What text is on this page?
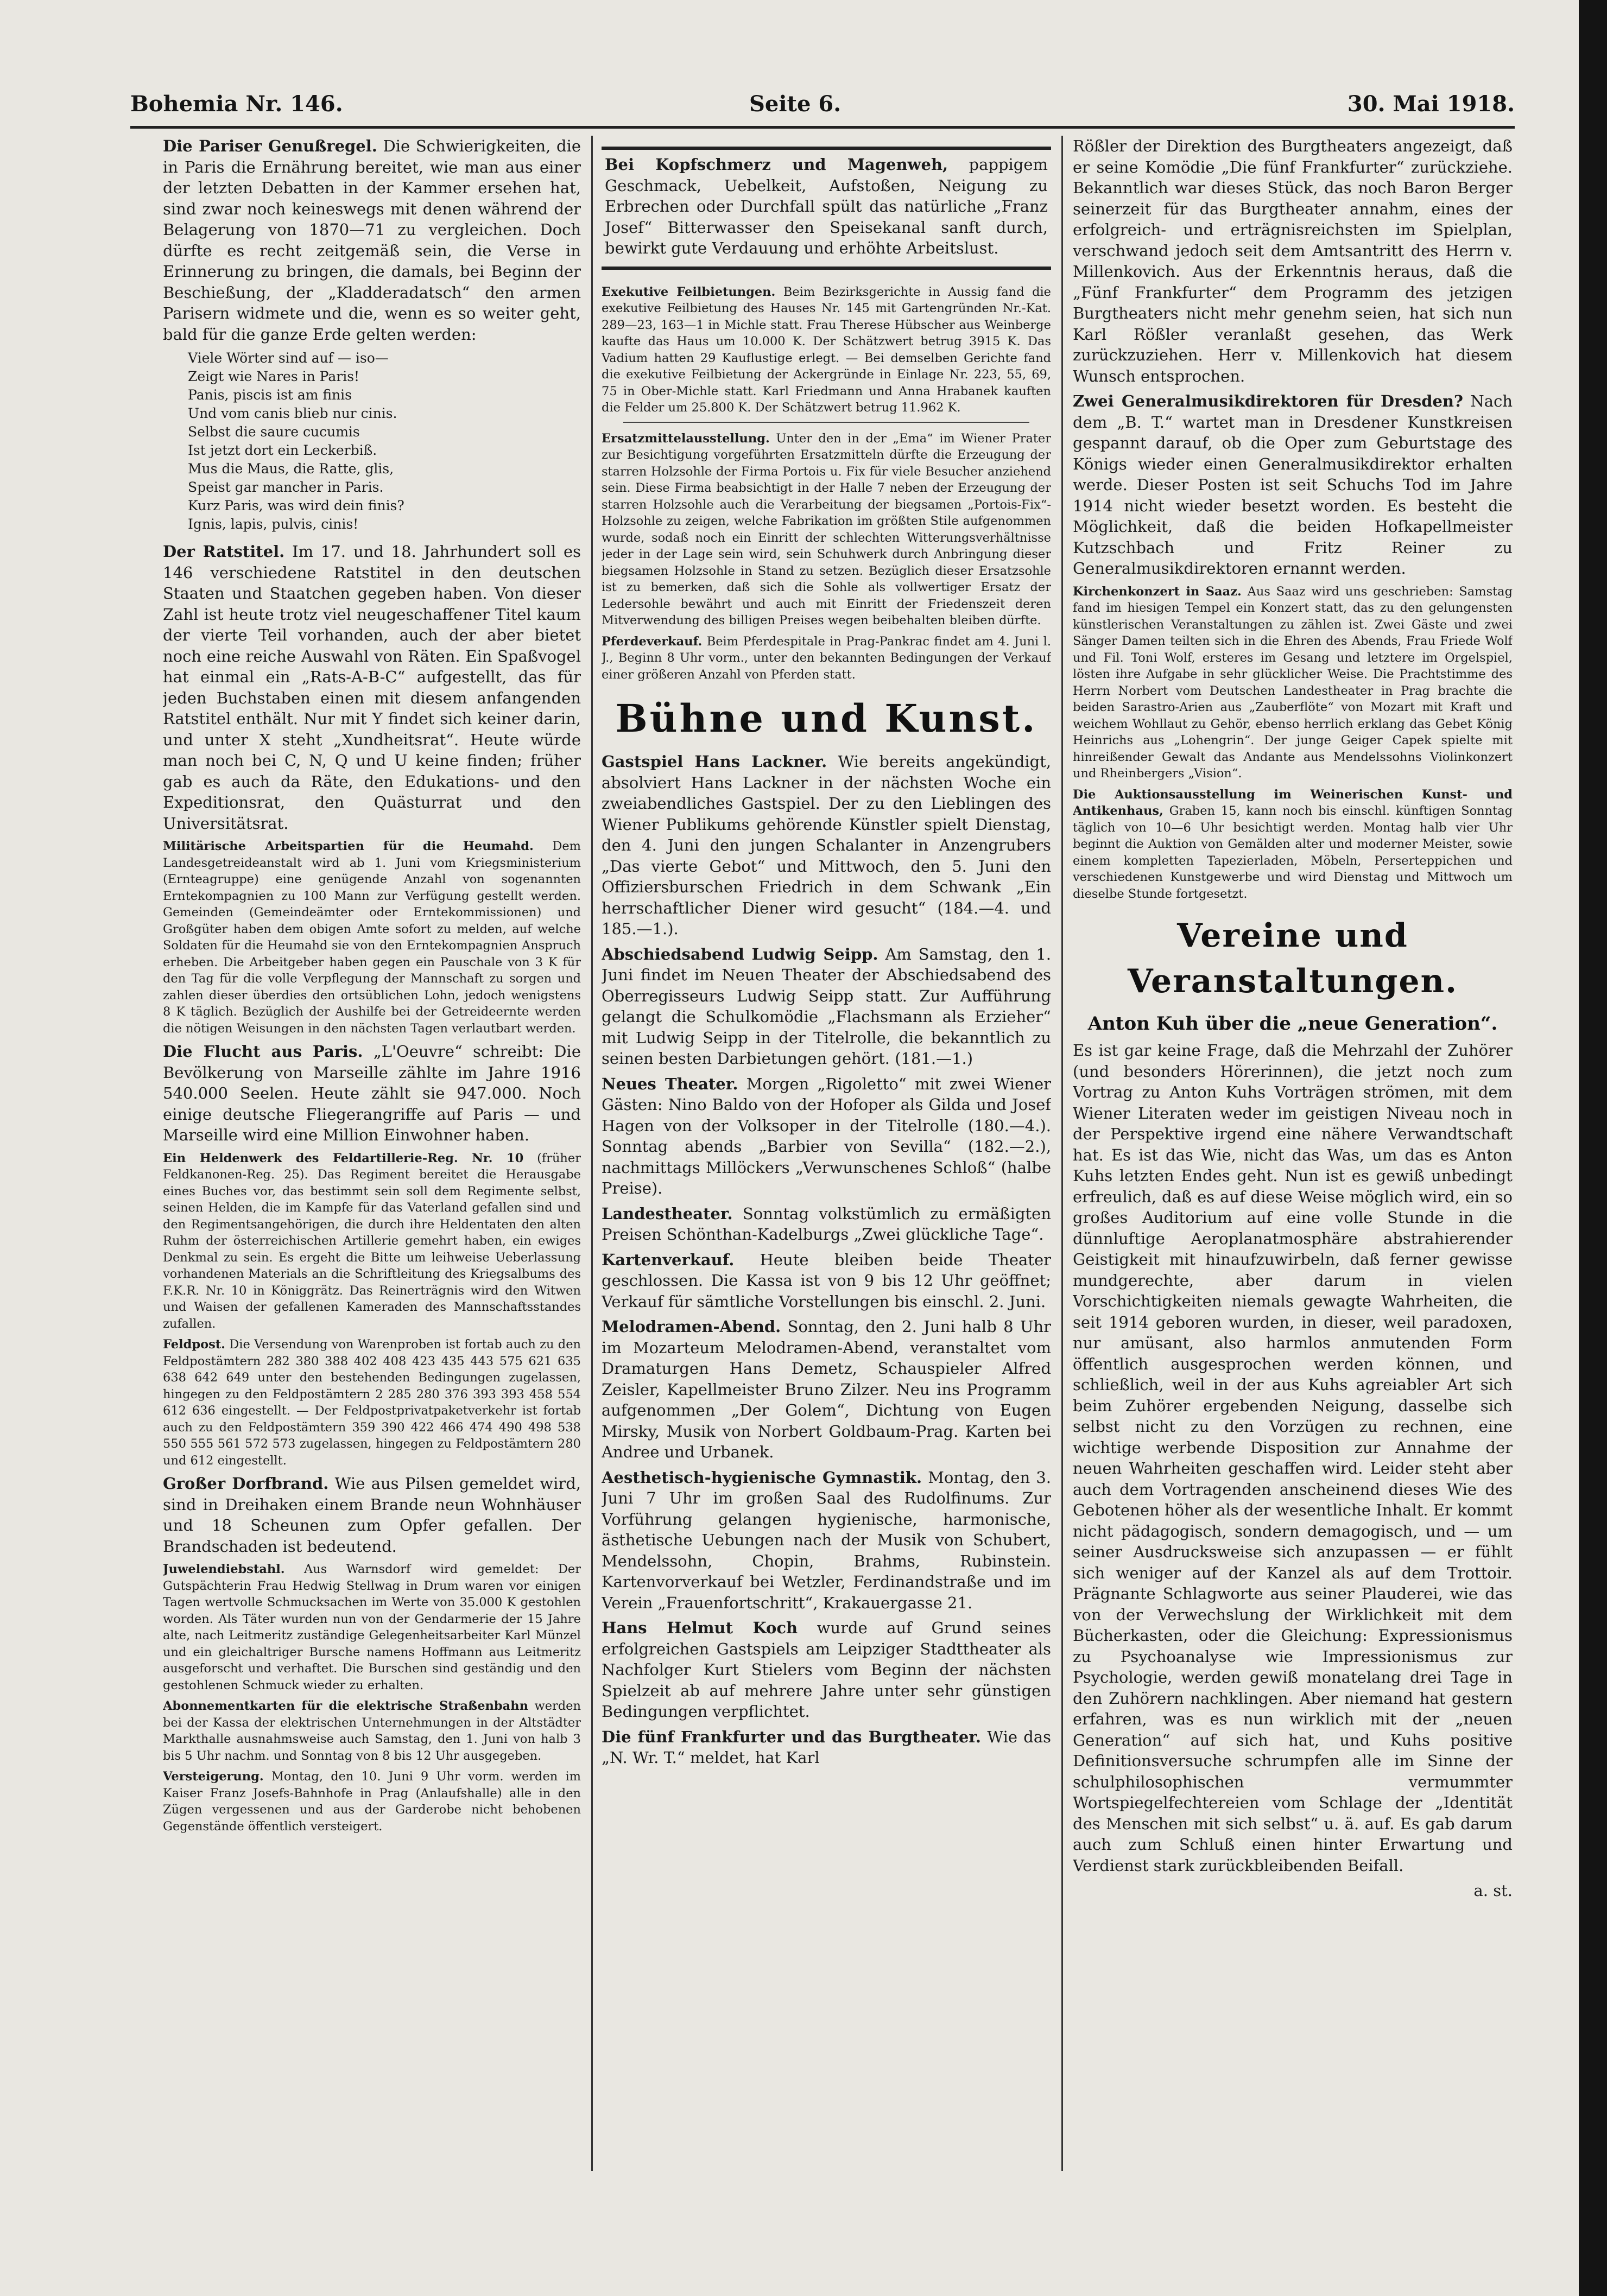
Bohemia Nr. 146.	Seite 6.	30. Mai 1918.

Die Pariser Genußregel. Die Schwierigkeiten, die in Paris die Ernährung bereitet, wie man aus einer der letzten Debatten in der Kammer ersehen hat, sind zwar noch keineswegs mit denen während der Belagerung von 1870—71 zu vergleichen. Doch dürfte es recht zeitgemäß sein, die Verse in Erinnerung zu bringen, die damals, bei Beginn der Beschießung, der „Kladderadatsch“ den armen Parisern widmete und die, wenn es so weiter geht, bald für die ganze Erde gelten werden:

Viele Wörter sind auf — iso—
Zeigt wie Nares in Paris!
Panis, piscis ist am finis
Und vom canis blieb nur cinis.
Selbst die saure cucumis
Ist jetzt dort ein Leckerbiß.
Mus die Maus, die Ratte, glis,
Speist gar mancher in Paris.
Kurz Paris, was wird dein finis?
Ignis, lapis, pulvis, cinis!

Der Ratstitel. Im 17. und 18. Jahrhundert soll es 146 verschiedene Ratstitel in den deutschen Staaten und Staatchen gegeben haben. Von dieser Zahl ist heute trotz viel neugeschaffener Titel kaum der vierte Teil vorhanden, auch der aber bietet noch eine reiche Auswahl von Räten. Ein Spaßvogel hat einmal ein „Rats-A-B-C“ aufgestellt, das für jeden Buchstaben einen mit diesem anfangenden Ratstitel enthält. Nur mit Y findet sich keiner darin, und unter X steht „Xundheitsrat“. Heute würde man noch bei C, N, Q und U keine finden; früher gab es auch da Räte, den Edukations- und den Expeditionsrat, den Quästurrat und den Universitätsrat.

Militärische Arbeitspartien für die Heumahd. Dem Landesgetreideanstalt wird ab 1. Juni vom Kriegsministerium (Ernteagruppe) eine genügende Anzahl von sogenannten Erntekompagnien zu 100 Mann zur Verfügung gestellt werden. Gemeinden (Gemeindeämter oder Erntekommissionen) und Großgüter haben dem obigen Amte sofort zu melden, auf welche Soldaten für die Heumahd sie von den Erntekompagnien Anspruch erheben. Die Arbeitgeber haben gegen ein Pauschale von 3 K für den Tag für die volle Verpflegung der Mannschaft zu sorgen und zahlen dieser überdies den ortsüblichen Lohn, jedoch wenigstens 8 K täglich. Bezüglich der Aushilfe bei der Getreideernte werden die nötigen Weisungen in den nächsten Tagen verlautbart werden.

Die Flucht aus Paris. „L'Oeuvre“ schreibt: Die Bevölkerung von Marseille zählte im Jahre 1916 540.000 Seelen. Heute zählt sie 947.000. Noch einige deutsche Fliegerangriffe auf Paris — und Marseille wird eine Million Einwohner haben.

Ein Heldenwerk des Feldartillerie-Reg. Nr. 10 (früher Feldkanonen-Reg. 25). Das Regiment bereitet die Herausgabe eines Buches vor, das bestimmt sein soll dem Regimente selbst, seinen Helden, die im Kampfe für das Vaterland gefallen sind und den Regimentsangehörigen, die durch ihre Heldentaten den alten Ruhm der österreichischen Artillerie gemehrt haben, ein ewiges Denkmal zu sein. Es ergeht die Bitte um leihweise Ueberlassung vorhandenen Materials an die Schriftleitung des Kriegsalbums des F.K.R. Nr. 10 in Königgrätz. Das Reinerträgnis wird den Witwen und Waisen der gefallenen Kameraden des Mannschaftsstandes zufallen.

Feldpost. Die Versendung von Warenproben ist fortab auch zu den Feldpostämtern 282 380 388 402 408 423 435 443 575 621 635 638 642 649 unter den bestehenden Bedingungen zugelassen, hingegen zu den Feldpostämtern 2 285 280 376 393 393 458 554 612 636 eingestellt. — Der Feldpostprivatpaketverkehr ist fortab auch zu den Feldpostämtern 359 390 422 466 474 490 498 538 550 555 561 572 573 zugelassen, hingegen zu Feldpostämtern 280 und 612 eingestellt.

Großer Dorfbrand. Wie aus Pilsen gemeldet wird, sind in Dreihaken einem Brande neun Wohnhäuser und 18 Scheunen zum Opfer gefallen. Der Brandschaden ist bedeutend.

Juwelendiebstahl. Aus Warnsdorf wird gemeldet: Der Gutspächterin Frau Hedwig Stellwag in Drum waren vor einigen Tagen wertvolle Schmucksachen im Werte von 35.000 K gestohlen worden. Als Täter wurden nun von der Gendarmerie der 15 Jahre alte, nach Leitmeritz zuständige Gelegenheitsarbeiter Karl Münzel und ein gleichaltriger Bursche namens Hoffmann aus Leitmeritz ausgeforscht und verhaftet. Die Burschen sind geständig und den gestohlenen Schmuck wieder zu erhalten.

Abonnementkarten für die elektrische Straßenbahn werden bei der Kassa der elektrischen Unternehmungen in der Altstädter Markthalle ausnahmsweise auch Samstag, den 1. Juni von halb 3 bis 5 Uhr nachm. und Sonntag von 8 bis 12 Uhr ausgegeben.

Versteigerung. Montag, den 10. Juni 9 Uhr vorm. werden im Kaiser Franz Josefs-Bahnhofe in Prag (Anlaufshalle) alle in den Zügen vergessenen und aus der Garderobe nicht behobenen Gegenstände öffentlich versteigert.

Bei Kopfschmerz und Magenweh, pappigem Geschmack, Uebelkeit, Aufstoßen, Neigung zu Erbrechen oder Durchfall spült das natürliche „Franz Josef“ Bitterwasser den Speisekanal sanft durch, bewirkt gute Verdauung und erhöhte Arbeitslust.

Exekutive Feilbietungen. Beim Bezirksgerichte in Aussig fand die exekutive Feilbietung des Hauses Nr. 145 mit Gartengründen Nr.-Kat. 289—23, 163—1 in Michle statt. Frau Therese Hübscher aus Weinberge kaufte das Haus um 10.000 K. Der Schätzwert betrug 3915 K. Das Vadium hatten 29 Kauflustige erlegt. — Bei demselben Gerichte fand die exekutive Feilbietung der Ackergründe in Einlage Nr. 223, 55, 69, 75 in Ober-Michle statt. Karl Friedmann und Anna Hrabanek kauften die Felder um 25.800 K. Der Schätzwert betrug 11.962 K.

Ersatzmittelausstellung. Unter den in der „Ema“ im Wiener Prater zur Besichtigung vorgeführten Ersatzmitteln dürfte die Erzeugung der starren Holzsohle der Firma Portois u. Fix für viele Besucher anziehend sein. Diese Firma beabsichtigt in der Halle 7 neben der Erzeugung der starren Holzsohle auch die Verarbeitung der biegsamen „Portois-Fix“-Holzsohle zu zeigen, welche Fabrikation im größten Stile aufgenommen wurde, sodaß noch ein Einritt der schlechten Witterungsverhältnisse jeder in der Lage sein wird, sein Schuhwerk durch Anbringung dieser biegsamen Holzsohle in Stand zu setzen. Bezüglich dieser Ersatzsohle ist zu bemerken, daß sich die Sohle als vollwertiger Ersatz der Ledersohle bewährt und auch mit Einritt der Friedenszeit deren Mitverwendung des billigen Preises wegen beibehalten bleiben dürfte.

Pferdeverkauf. Beim Pferdespitale in Prag-Pankrac findet am 4. Juni l. J., Beginn 8 Uhr vorm., unter den bekannten Bedingungen der Verkauf einer größeren Anzahl von Pferden statt.

Bühne und Kunst.

Gastspiel Hans Lackner. Wie bereits angekündigt, absolviert Hans Lackner in der nächsten Woche ein zweiabendliches Gastspiel. Der zu den Lieblingen des Wiener Publikums gehörende Künstler spielt Dienstag, den 4. Juni den jungen Schalanter in Anzengrubers „Das vierte Gebot“ und Mittwoch, den 5. Juni den Offiziersburschen Friedrich in dem Schwank „Ein herrschaftlicher Diener wird gesucht“ (184.—4. und 185.—1.).

Abschiedsabend Ludwig Seipp. Am Samstag, den 1. Juni findet im Neuen Theater der Abschiedsabend des Oberregisseurs Ludwig Seipp statt. Zur Aufführung gelangt die Schulkomödie „Flachsmann als Erzieher“ mit Ludwig Seipp in der Titelrolle, die bekanntlich zu seinen besten Darbietungen gehört. (181.—1.)

Neues Theater. Morgen „Rigoletto“ mit zwei Wiener Gästen: Nino Baldo von der Hofoper als Gilda und Josef Hagen von der Volksoper in der Titelrolle (180.—4.). Sonntag abends „Barbier von Sevilla“ (182.—2.), nachmittags Millöckers „Verwunschenes Schloß“ (halbe Preise).

Landestheater. Sonntag volkstümlich zu ermäßigten Preisen Schönthan-Kadelburgs „Zwei glückliche Tage“.

Kartenverkauf. Heute bleiben beide Theater geschlossen. Die Kassa ist von 9 bis 12 Uhr geöffnet; Verkauf für sämtliche Vorstellungen bis einschl. 2. Juni.

Melodramen-Abend. Sonntag, den 2. Juni halb 8 Uhr im Mozarteum Melodramen-Abend, veranstaltet vom Dramaturgen Hans Demetz, Schauspieler Alfred Zeisler, Kapellmeister Bruno Zilzer. Neu ins Programm aufgenommen „Der Golem“, Dichtung von Eugen Mirsky, Musik von Norbert Goldbaum-Prag. Karten bei Andree und Urbanek.

Aesthetisch-hygienische Gymnastik. Montag, den 3. Juni 7 Uhr im großen Saal des Rudolfinums. Zur Vorführung gelangen hygienische, harmonische, ästhetische Uebungen nach der Musik von Schubert, Mendelssohn, Chopin, Brahms, Rubinstein. Kartenvorverkauf bei Wetzler, Ferdinandstraße und im Verein „Frauenfortschritt“, Krakauergasse 21.

Hans Helmut Koch wurde auf Grund seines erfolgreichen Gastspiels am Leipziger Stadttheater als Nachfolger Kurt Stielers vom Beginn der nächsten Spielzeit ab auf mehrere Jahre unter sehr günstigen Bedingungen verpflichtet.

Die fünf Frankfurter und das Burgtheater. Wie das „N. Wr. T.“ meldet, hat Karl

Rößler der Direktion des Burgtheaters angezeigt, daß er seine Komödie „Die fünf Frankfurter“ zurückziehe. Bekanntlich war dieses Stück, das noch Baron Berger seinerzeit für das Burgtheater annahm, eines der erfolgreich- und erträgnisreichsten im Spielplan, verschwand jedoch seit dem Amtsantritt des Herrn v. Millenkovich. Aus der Erkenntnis heraus, daß die „Fünf Frankfurter“ dem Programm des jetzigen Burgtheaters nicht mehr genehm seien, hat sich nun Karl Rößler veranlaßt gesehen, das Werk zurückzuziehen. Herr v. Millenkovich hat diesem Wunsch entsprochen.

Zwei Generalmusikdirektoren für Dresden? Nach dem „B. T.“ wartet man in Dresdener Kunstkreisen gespannt darauf, ob die Oper zum Geburtstage des Königs wieder einen Generalmusikdirektor erhalten werde. Dieser Posten ist seit Schuchs Tod im Jahre 1914 nicht wieder besetzt worden. Es besteht die Möglichkeit, daß die beiden Hofkapellmeister Kutzschbach und Fritz Reiner zu Generalmusikdirektoren ernannt werden.

Kirchenkonzert in Saaz. Aus Saaz wird uns geschrieben: Samstag fand im hiesigen Tempel ein Konzert statt, das zu den gelungensten künstlerischen Veranstaltungen zu zählen ist. Zwei Gäste und zwei Sänger Damen teilten sich in die Ehren des Abends, Frau Friede Wolf und Fil. Toni Wolf, ersteres im Gesang und letztere im Orgelspiel, lösten ihre Aufgabe in sehr glücklicher Weise. Die Prachtstimme des Herrn Norbert vom Deutschen Landestheater in Prag brachte die beiden Sarastro-Arien aus „Zauberflöte“ von Mozart mit Kraft und weichem Wohllaut zu Gehör, ebenso herrlich erklang das Gebet König Heinrichs aus „Lohengrin“. Der junge Geiger Capek spielte mit hinreißender Gewalt das Andante aus Mendelssohns Violinkonzert und Rheinbergers „Vision“.

Die Auktionsausstellung im Weinerischen Kunst- und Antikenhaus, Graben 15, kann noch bis einschl. künftigen Sonntag täglich von 10—6 Uhr besichtigt werden. Montag halb vier Uhr beginnt die Auktion von Gemälden alter und moderner Meister, sowie einem kompletten Tapezierladen, Möbeln, Perserteppichen und verschiedenen Kunstgewerbe und wird Dienstag und Mittwoch um dieselbe Stunde fortgesetzt.

Vereine und Veranstaltungen.
Anton Kuh über die „neue Generation“.

Es ist gar keine Frage, daß die Mehrzahl der Zuhörer (und besonders Hörerinnen), die jetzt noch zum Vortrag zu Anton Kuhs Vorträgen strömen, mit dem Wiener Literaten weder im geistigen Niveau noch in der Perspektive irgend eine nähere Verwandtschaft hat. Es ist das Wie, nicht das Was, um das es Anton Kuhs letzten Endes geht. Nun ist es gewiß unbedingt erfreulich, daß es auf diese Weise möglich wird, ein so großes Auditorium auf eine volle Stunde in die dünnluftige Aeroplanatmosphäre abstrahierender Geistigkeit mit hinaufzuwirbeln, daß ferner gewisse mundgerechte, aber darum in vielen Vorschichtigkeiten niemals gewagte Wahrheiten, die seit 1914 geboren wurden, in dieser, weil paradoxen, nur amüsant, also harmlos anmutenden Form öffentlich ausgesprochen werden können, und schließlich, weil in der aus Kuhs agreiabler Art sich beim Zuhörer ergebenden Neigung, dasselbe sich selbst nicht zu den Vorzügen zu rechnen, eine wichtige werbende Disposition zur Annahme der neuen Wahrheiten geschaffen wird. Leider steht aber auch dem Vortragenden anscheinend dieses Wie des Gebotenen höher als der wesentliche Inhalt. Er kommt nicht pädagogisch, sondern demagogisch, und — um seiner Ausdrucksweise sich anzupassen — er fühlt sich weniger auf der Kanzel als auf dem Trottoir. Prägnante Schlagworte aus seiner Plauderei, wie das von der Verwechslung der Wirklichkeit mit dem Bücherkasten, oder die Gleichung: Expressionismus zu Psychoanalyse wie Impressionismus zur Psychologie, werden gewiß monatelang drei Tage in den Zuhörern nachklingen. Aber niemand hat gestern erfahren, was es nun wirklich mit der „neuen Generation“ auf sich hat, und Kuhs positive Definitionsversuche schrumpfen alle im Sinne der schulphilosophischen vermummter Wortspiegelfechtereien vom Schlage der „Identität des Menschen mit sich selbst“ u. ä. auf. Es gab darum auch zum Schluß einen hinter Erwartung und Verdienst stark zurückbleibenden Beifall.

a. st.
